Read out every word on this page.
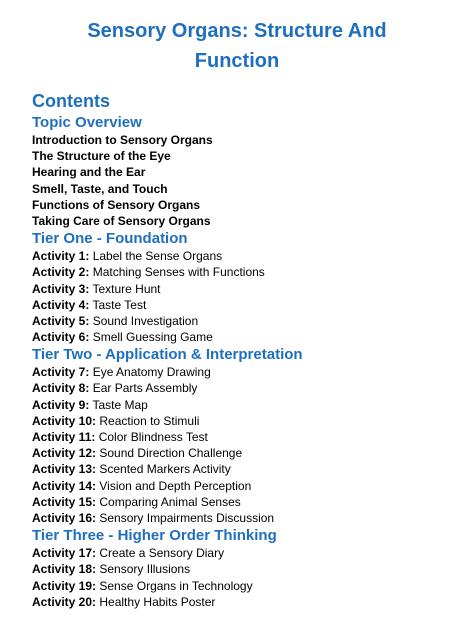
Sensory Organs: Structure And
Function
Contents
Topic Overview
Introduction to Sensory Organs
The Structure of the Eye
Hearing and the Ear
Smell, Taste, and Touch
Functions of Sensory Organs
Taking Care of Sensory Organs
Tier One - Foundation
Activity 1: Label the Sense Organs
Activity 2: Matching Senses with Functions
Activity 3: Texture Hunt
Activity 4: Taste Test
Activity 5: Sound Investigation
Activity 6: Smell Guessing Game
Tier Two - Application & Interpretation
Activity 7: Eye Anatomy Drawing
Activity 8: Ear Parts Assembly
Activity 9: Taste Map
Activity 10: Reaction to Stimuli
Activity 11: Color Blindness Test
Activity 12: Sound Direction Challenge
Activity 13: Scented Markers Activity
Activity 14: Vision and Depth Perception
Activity 15: Comparing Animal Senses
Activity 16: Sensory Impairments Discussion
Tier Three - Higher Order Thinking
Activity 17: Create a Sensory Diary
Activity 18: Sensory Illusions
Activity 19: Sense Organs in Technology
Activity 20: Healthy Habits Poster
